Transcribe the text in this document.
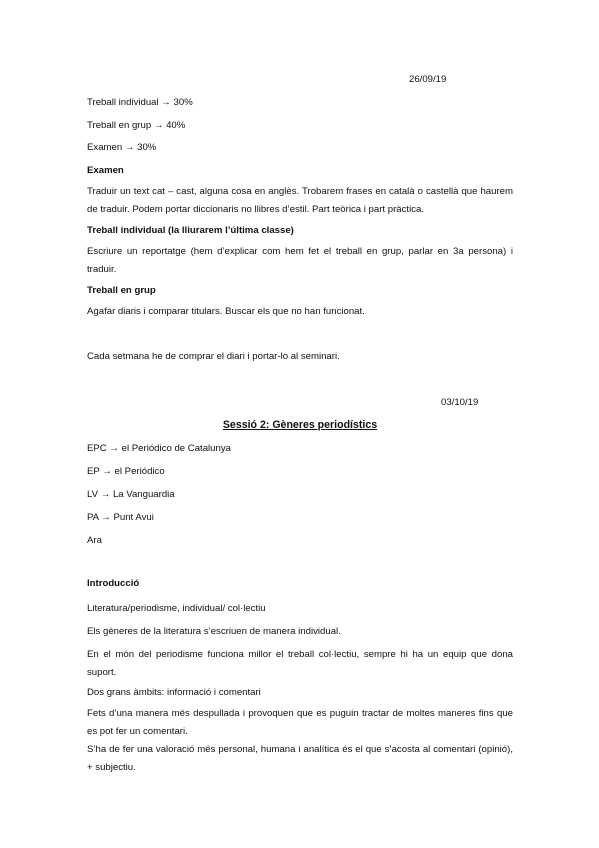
26/09/19
Treball individual → 30%
Treball en grup → 40%
Examen → 30%
Examen
Traduir un text cat – cast, alguna cosa en anglès. Trobarem frases en català o castellà que haurem de traduir. Podem portar diccionaris no llibres d’estil. Part teòrica i part pràctica.
Treball individual (la lliurarem l’última classe)
Escriure un reportatge (hem d’explicar com hem fet el treball en grup, parlar en 3a persona) i traduir.
Treball en grup
Agafar diaris i comparar titulars. Buscar els que no han funcionat.
Cada setmana he de comprar el diari i portar-lo al seminari.
03/10/19
Sessió 2: Gèneres periodístics
EPC → el Periódico de Catalunya
EP → el Periódico
LV → La Vanguardia
PA → Punt Avui
Ara
Introducció
Literatura/periodisme, individual/ col·lectiu
Els gèneres de la literatura s’escriuen de manera individual.
En el món del periodisme funciona millor el treball col·lectiu, sempre hi ha un equip que dona suport.
Dos grans àmbits: informació i comentari
Fets d’una manera més despullada i provoquen que es puguin tractar de moltes maneres fins que es pot fer un comentari.
S’ha de fer una valoració més personal, humana i analítica és el que s’acosta al comentari (opinió), + subjectiu.
